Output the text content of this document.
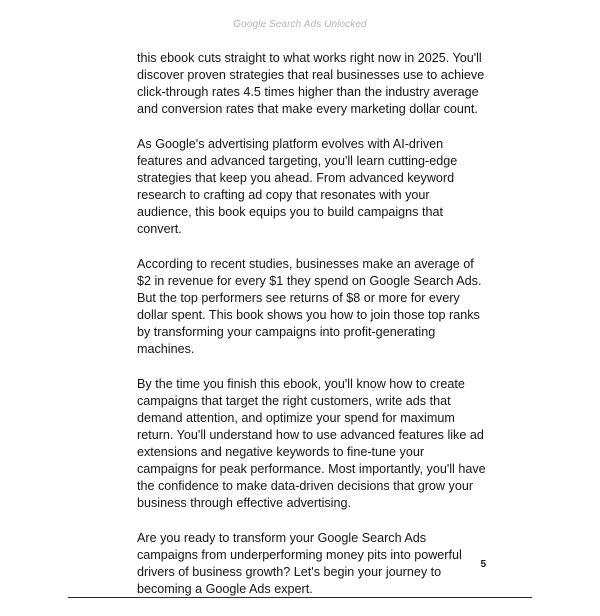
Google Search Ads Unlocked

this ebook cuts straight to what works right now in 2025. You'll discover proven strategies that real businesses use to achieve click-through rates 4.5 times higher than the industry average and conversion rates that make every marketing dollar count.

As Google's advertising platform evolves with AI-driven features and advanced targeting, you'll learn cutting-edge strategies that keep you ahead. From advanced keyword research to crafting ad copy that resonates with your audience, this book equips you to build campaigns that convert.

According to recent studies, businesses make an average of $2 in revenue for every $1 they spend on Google Search Ads. But the top performers see returns of $8 or more for every dollar spent. This book shows you how to join those top ranks by transforming your campaigns into profit-generating machines.

By the time you finish this ebook, you'll know how to create campaigns that target the right customers, write ads that demand attention, and optimize your spend for maximum return. You'll understand how to use advanced features like ad extensions and negative keywords to fine-tune your campaigns for peak performance. Most importantly, you'll have the confidence to make data-driven decisions that grow your business through effective advertising.

Are you ready to transform your Google Search Ads campaigns from underperforming money pits into powerful drivers of business growth? Let's begin your journey to becoming a Google Ads expert.

5
